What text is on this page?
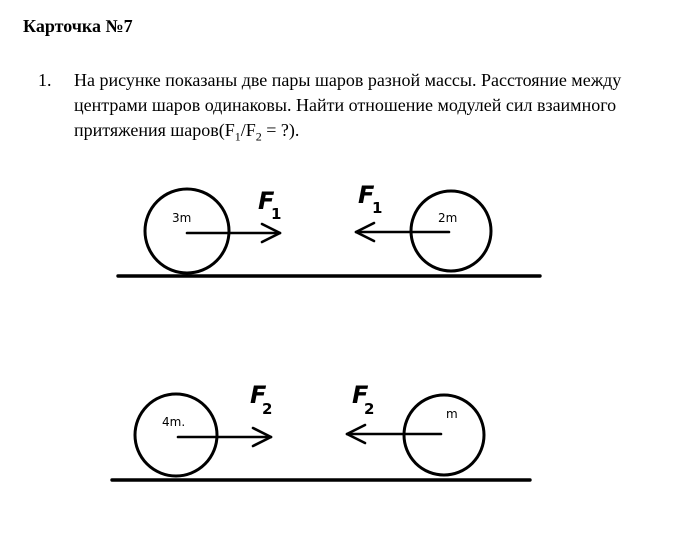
Карточка №7
1. На рисунке показаны две пары шаров разной массы. Расстояние между центрами шаров одинаковы. Найти отношение модулей сил взаимного притяжения $шаров(F_1/F_2$ = ?).
3m	2m
F
1
F
1
4m.
m
F
2	F
2
